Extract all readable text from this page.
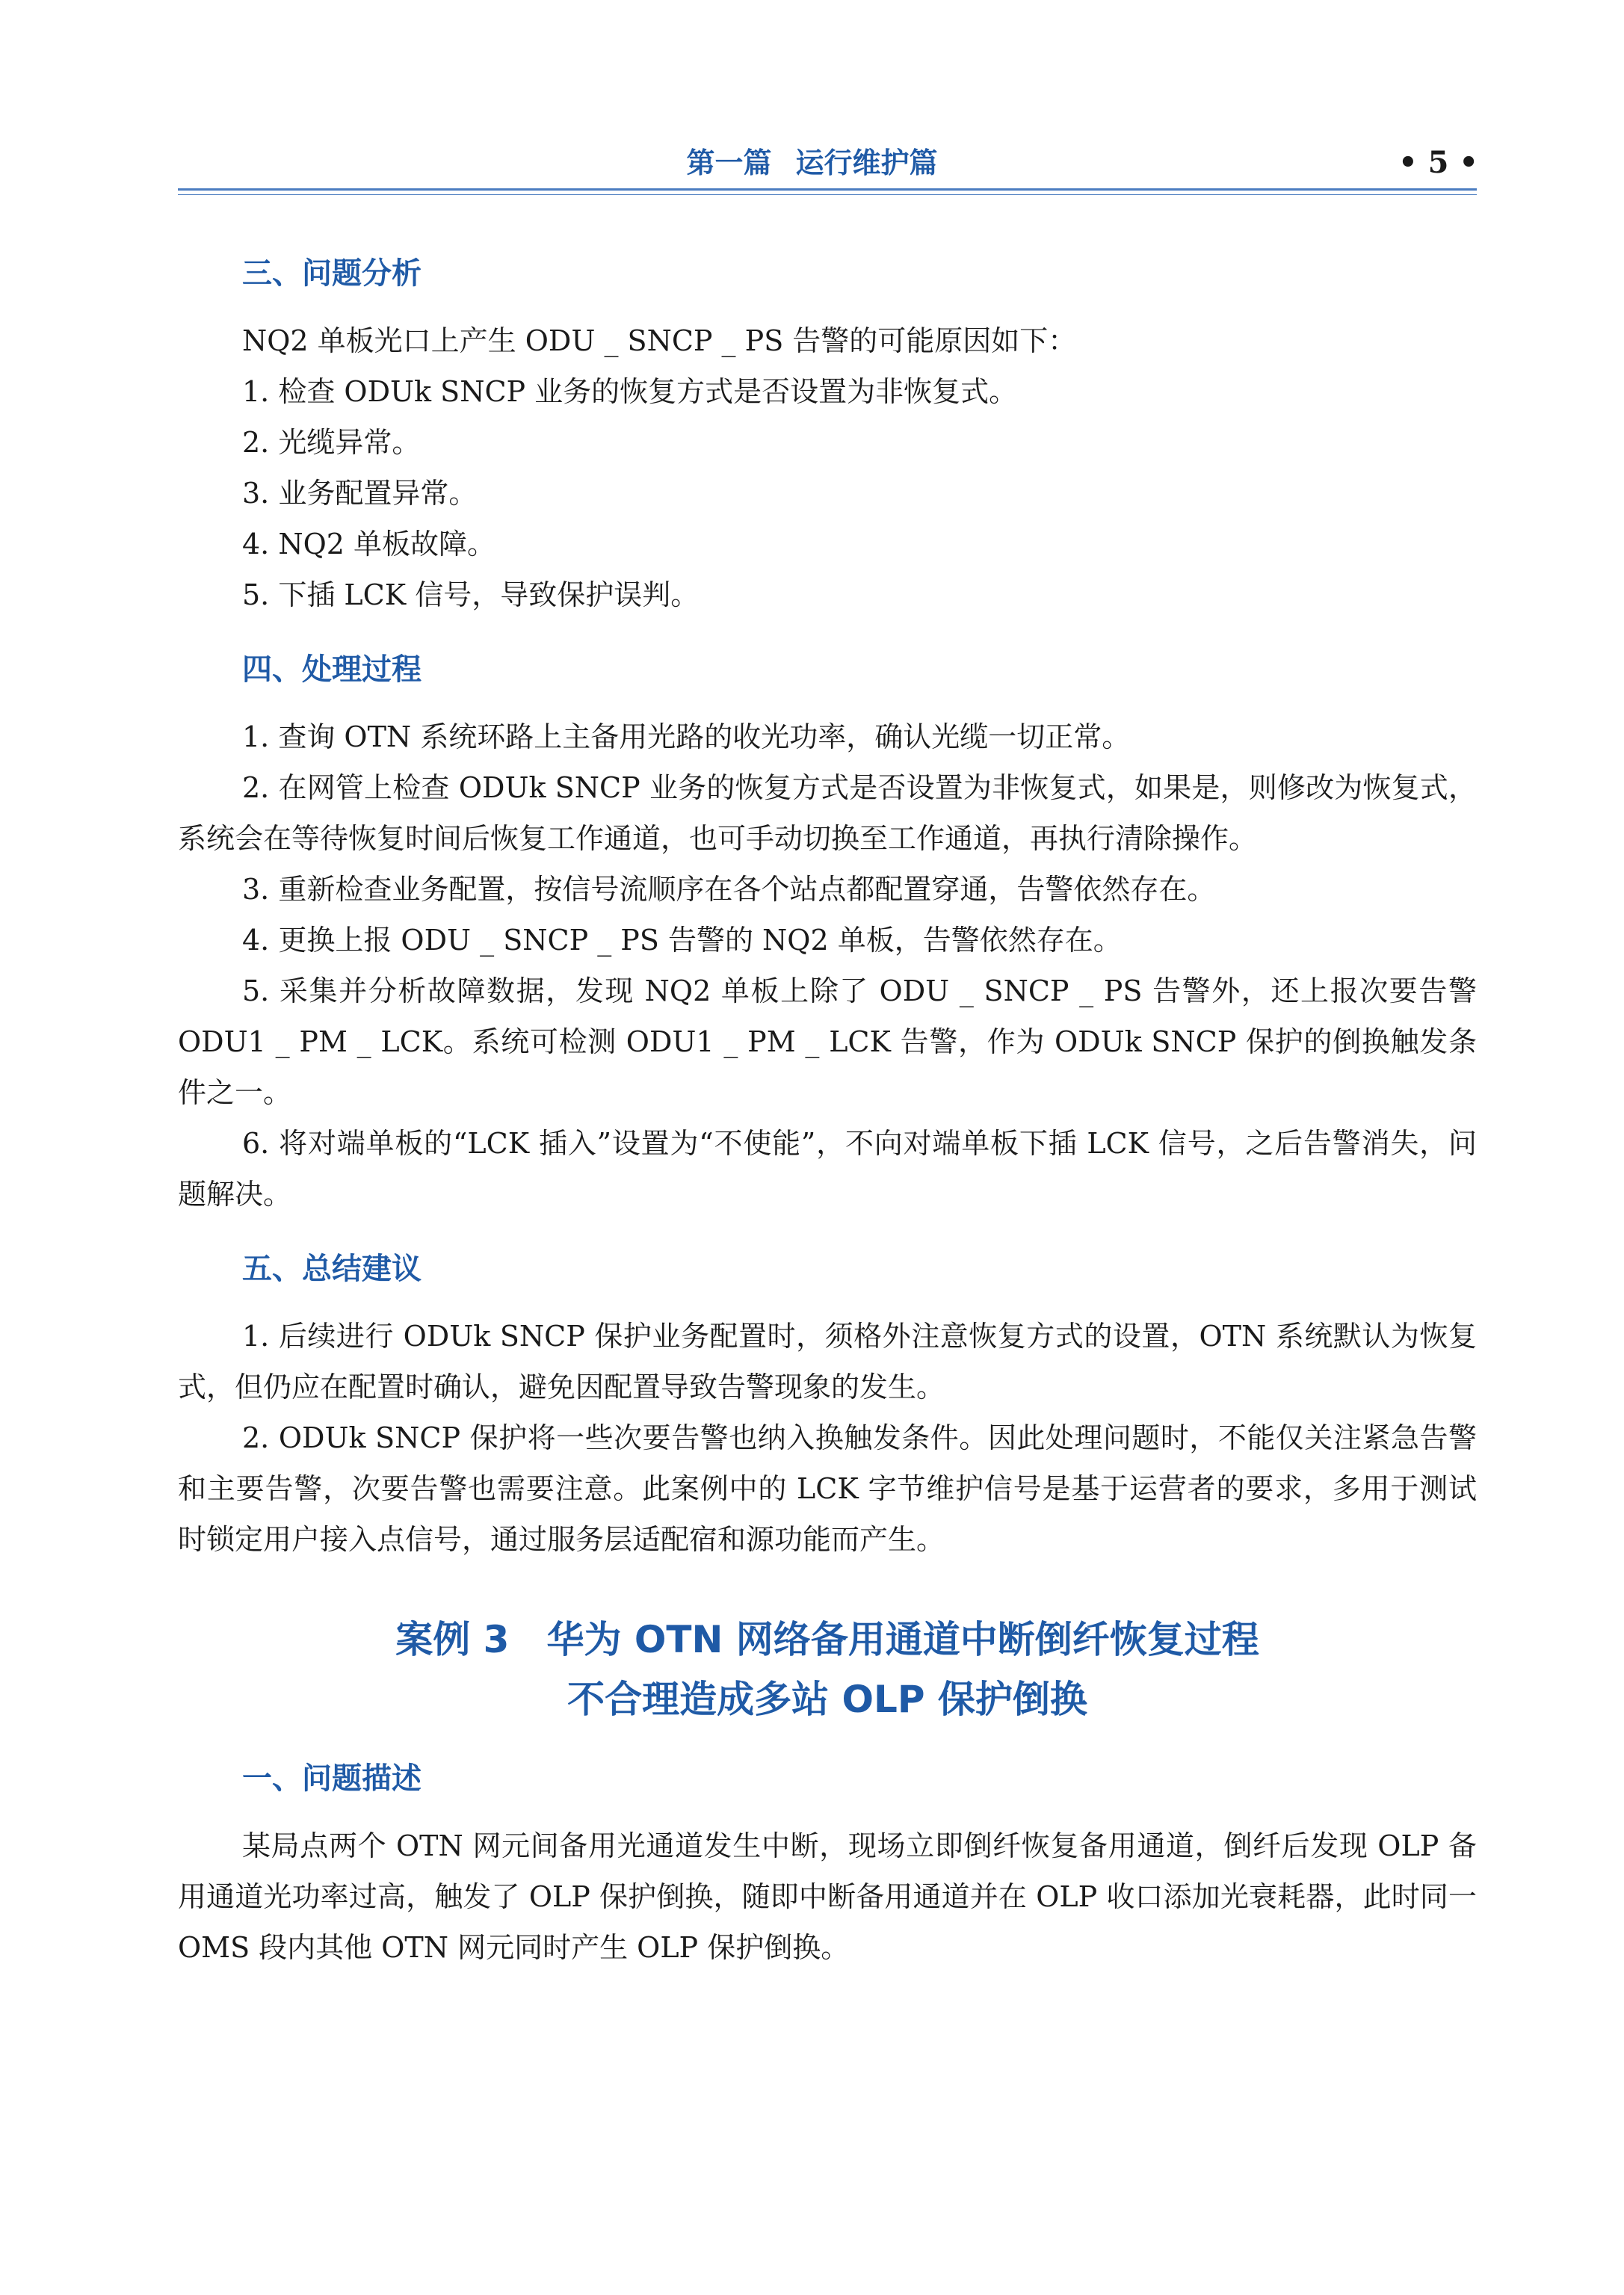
第一篇 运行维护篇	• 5 •
三、问题分析

NQ2 单板光口上产生 ODU _ SNCP _ PS 告警的可能原因如下：

1. 检查 ODUk SNCP 业务的恢复方式是否设置为非恢复式。

2. 光缆异常。

3. 业务配置异常。

4. NQ2 单板故障。

5. 下插 LCK 信号，导致保护误判。

四、处理过程

1. 查询 OTN 系统环路上主备用光路的收光功率，确认光缆一切正常。

2. 在网管上检查 ODUk SNCP 业务的恢复方式是否设置为非恢复式，如果是，则修改为恢复式，系统会在等待恢复时间后恢复工作通道，也可手动切换至工作通道，再执行清除操作。

3. 重新检查业务配置，按信号流顺序在各个站点都配置穿通，告警依然存在。

4. 更换上报 ODU _ SNCP _ PS 告警的 NQ2 单板，告警依然存在。

5. 采集并分析故障数据，发现 NQ2 单板上除了 ODU _ SNCP _ PS 告警外，还上报次要告警 ODU1 _ PM _ LCK。系统可检测 ODU1 _ PM _ LCK 告警，作为 ODUk SNCP 保护的倒换触发条件之一。

6. 将对端单板的“LCK 插入”设置为“不使能”，不向对端单板下插 LCK 信号，之后告警消失，问题解决。

五、总结建议

1. 后续进行 ODUk SNCP 保护业务配置时，须格外注意恢复方式的设置，OTN 系统默认为恢复式，但仍应在配置时确认，避免因配置导致告警现象的发生。

2. ODUk SNCP 保护将一些次要告警也纳入换触发条件。因此处理问题时，不能仅关注紧急告警和主要告警，次要告警也需要注意。此案例中的 LCK 字节维护信号是基于运营者的要求，多用于测试时锁定用户接入点信号，通过服务层适配宿和源功能而产生。

案例 3　华为 OTN 网络备用通道中断倒纤恢复过程
不合理造成多站 OLP 保护倒换
一、问题描述

某局点两个 OTN 网元间备用光通道发生中断，现场立即倒纤恢复备用通道，倒纤后发现 OLP 备用通道光功率过高，触发了 OLP 保护倒换，随即中断备用通道并在 OLP 收口添加光衰耗器，此时同一 OMS 段内其他 OTN 网元同时产生 OLP 保护倒换。
